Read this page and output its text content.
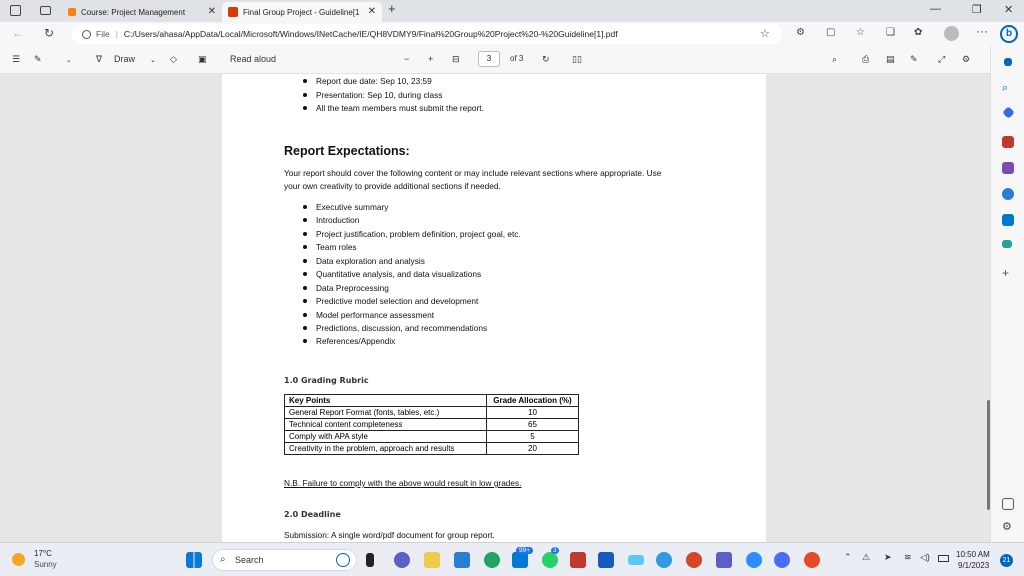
Course: Project Management ✕	Final Group Project - Guideline[1 ✕ +	—	❐ ✕
← ↻	File | C:/Users/ahasa/AppData/Local/Microsoft/Windows/INetCache/IE/QH8VDMY9/Final%20Group%20Project%20-%20Guideline[1].pdf	☆	⚙ ▢ ☆ ❏ ✿	···	b
☰ ✎	⌄	∇ Draw ⌄ ◇ ▣	Read aloud	− + ⊟	3	of 3 ↻ ▯▯	⌕	⎙ ▤ ✎ ⤢ ⚙
Report due date: Sep 10, 23:59
Presentation: Sep 10, during class
All the team members must submit the report.
Report Expectations:
Your report should cover the following content or may include relevant sections where appropriate. Use
your own creativity to provide additional sections if needed.
Executive summary
Introduction
Project justification, problem definition, project goal, etc.
Team roles
Data exploration and analysis
Quantitative analysis, and data visualizations
Data Preprocessing
Predictive model selection and development
Model performance assessment
Predictions, discussion, and recommendations
References/Appendix
1.0 Grading Rubric
Key Points	Grade Allocation (%)
General Report Format (fonts, tables, etc.)	10
Technical content completeness	65
Comply with APA style	5
Creativity in the problem, approach and results	20
N.B. Failure to comply with the above would result in low grades.
2.0 Deadline
Submission: A single word/pdf document for group report.
⌕
+
⚙
17°C
Sunny	⌕ Search
99+	3
⌃ ⚠ ➤ ≋ ◁)	10:50 AM
9/1/2023
21
